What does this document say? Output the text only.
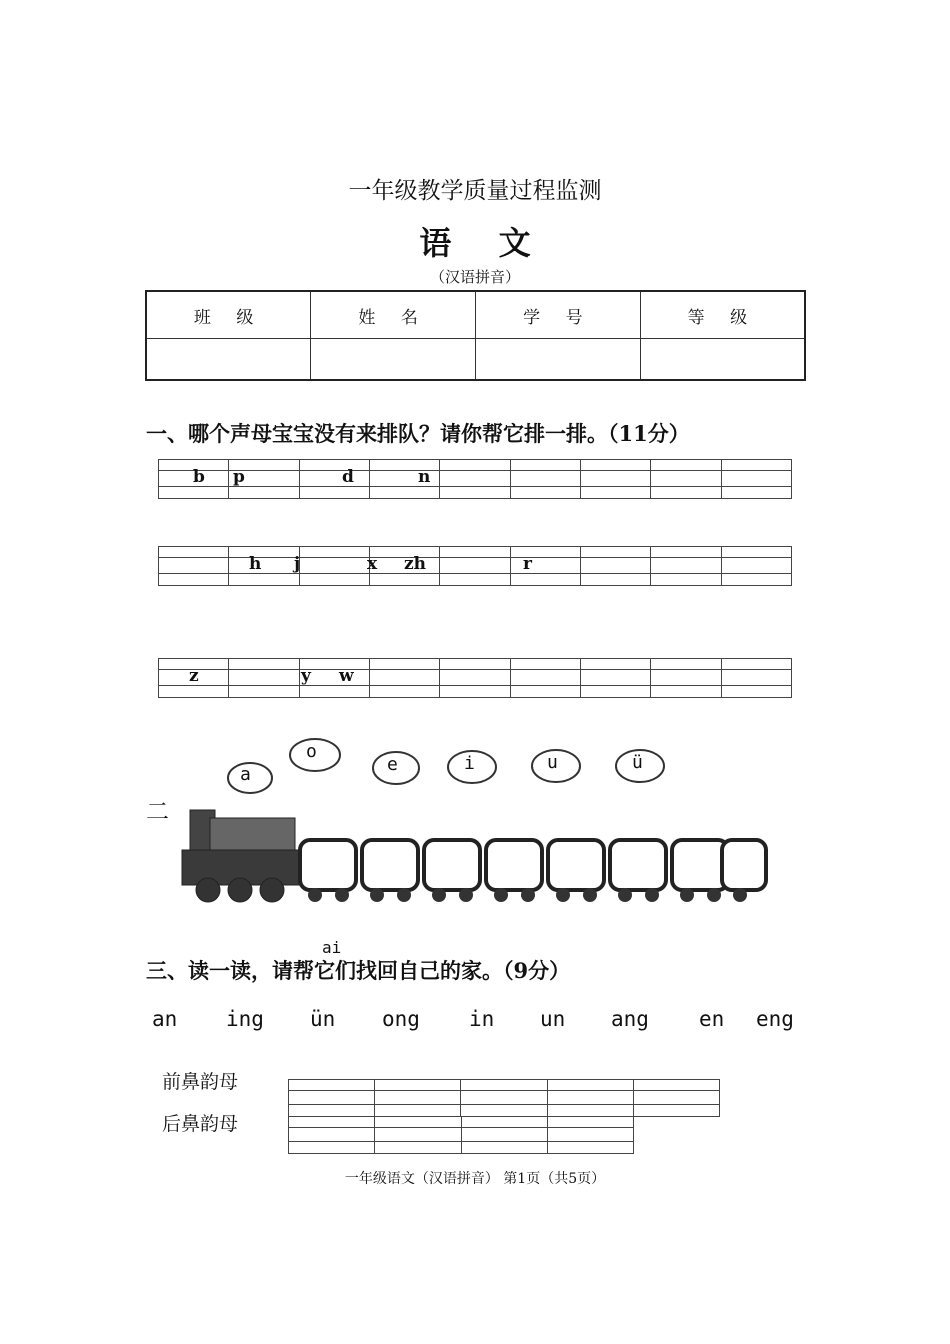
一年级教学质量过程监测
语 文
（汉语拼音）
班 级	姓 名	学 号	等 级

一、哪个声母宝宝没有来排队？请你帮它排一排。（11分）
b p	d	n
h j	x zh	r
z	y w
二
a
o
e	i	u	ü
ai
三、读一读，请帮它们找回自己的家。（9分）
an ing ün ong in un ang en eng
前鼻韵母
后鼻韵母
一年级语文（汉语拼音） 第1页（共5页）
